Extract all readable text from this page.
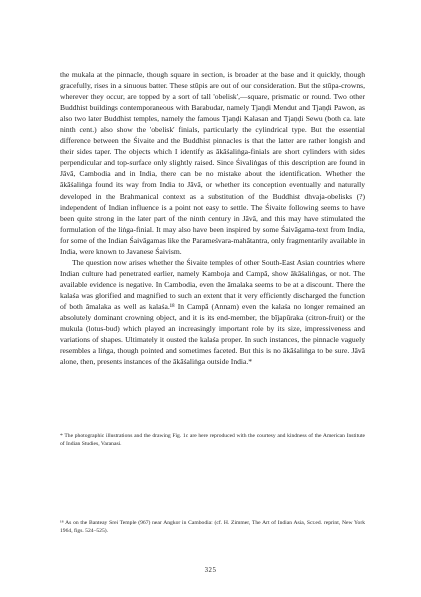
the mukala at the pinnacle, though square in section, is broader at the base and it quickly, though gracefully, rises in a sinuous batter. These stūpis are out of our consideration. But the stūpa-crowns, wherever they occur, are topped by a sort of tall 'obelisk',—square, prismatic or round. Two other Buddhist buildings contemporaneous with Barabudar, namely Tjaṇḍi Mendut and Tjaṇḍi Pawon, as also two later Buddhist temples, namely the famous Tjaṇḍi Kalasan and Tjaṇḍi Sewu (both ca. late ninth cent.) also show the 'obelisk' finials, particularly the cylindrical type. But the essential difference between the Śivaite and the Buddhist pinnacles is that the latter are rather longish and their sides taper. The objects which I identify as ākāśaliṅga-finials are short cylinders with sides perpendicular and top-surface only slightly raised. Since Śivaliṅgas of this description are found in Jāvā, Cambodia and in India, there can be no mistake about the identification. Whether the ākāśaliṅga found its way from India to Jāvā, or whether its conception eventually and naturally developed in the Brahmanical context as a substitution of the Buddhist dhvaja-obelisks (?) independent of Indian influence is a point not easy to settle. The Śivaite following seems to have been quite strong in the later part of the ninth century in Jāvā, and this may have stimulated the formulation of the liṅga-finial. It may also have been inspired by some Śaivāgama-text from India, for some of the Indian Śaivāgamas like the Parameśvara-mahātantra, only fragmentarily available in India, were known to Javanese Śaivism.

The question now arises whether the Śivaite temples of other South-East Asian countries where Indian culture had penetrated earlier, namely Kamboja and Campā, show ākāśaliṅgas, or not. The available evidence is negative. In Cambodia, even the āmalaka seems to be at a discount. There the kalaśa was glorified and magnified to such an extent that it very efficiently discharged the function of both āmalaka as well as kalaśa.¹⁸ In Campā (Annam) even the kalaśa no longer remained an absolutely dominant crowning object, and it is its end-member, the bījapūraka (citron-fruit) or the mukula (lotus-bud) which played an increasingly important role by its size, impressiveness and variations of shapes. Ultimately it ousted the kalaśa proper. In such instances, the pinnacle vaguely resembles a liṅga, though pointed and sometimes faceted. But this is no ākāśaliṅga to be sure. Jāvā alone, then, presents instances of the ākāśaliṅga outside India.*

* The photographic illustrations and the drawing Fig. 1c are here reproduced with the courtesy and kindness of the American Institute of Indian Studies, Varanasi.

¹⁸ As on the Banteay Srei Temple (967) near Angkor in Cambodia: (cf. H. Zimmer, The Art of Indian Asia, Scr.ed. reprint, New York 1964, figs. 524–525).

325
